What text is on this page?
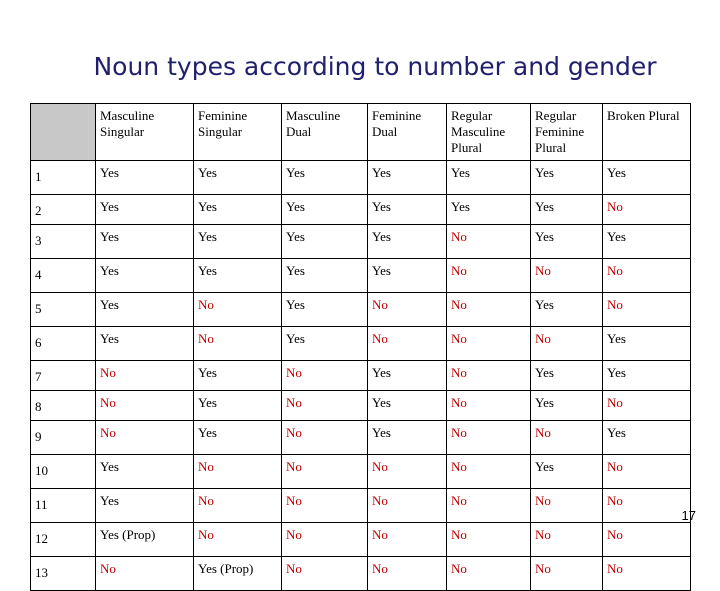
Noun types according to number and gender
	Masculine Singular	Feminine Singular	Masculine Dual	Feminine Dual	Regular Masculine Plural	Regular Feminine Plural	Broken Plural
1	Yes	Yes	Yes	Yes	Yes	Yes	Yes
2	Yes	Yes	Yes	Yes	Yes	Yes	No
3	Yes	Yes	Yes	Yes	No	Yes	Yes
4	Yes	Yes	Yes	Yes	No	No	No
5	Yes	No	Yes	No	No	Yes	No
6	Yes	No	Yes	No	No	No	Yes
7	No	Yes	No	Yes	No	Yes	Yes
8	No	Yes	No	Yes	No	Yes	No
9	No	Yes	No	Yes	No	No	Yes
10	Yes	No	No	No	No	Yes	No
11	Yes	No	No	No	No	No	No
12	Yes (Prop)	No	No	No	No	No	No
13	No	Yes (Prop)	No	No	No	No	No
17
